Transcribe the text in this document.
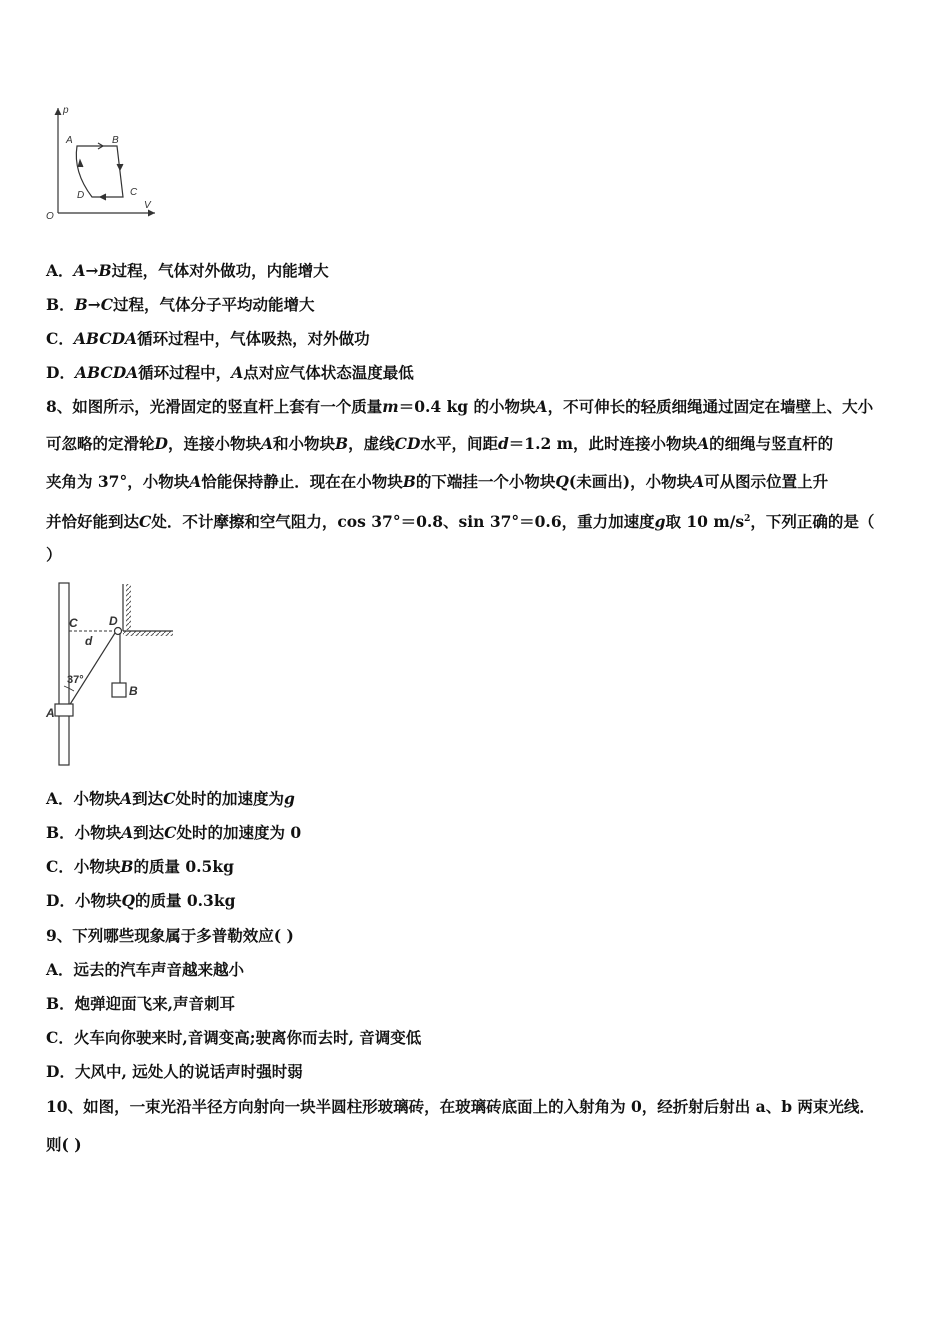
p
V
O
A	B
C
D
A．A→B过程，气体对外做功，内能增大
B．B→C过程，气体分子平均动能增大
C．ABCDA循环过程中，气体吸热，对外做功
D．ABCDA循环过程中，A点对应气体状态温度最低
8、如图所示，光滑固定的竖直杆上套有一个质量m＝0.4 kg 的小物块A，不可伸长的轻质细绳通过固定在墙壁上、大小
可忽略的定滑轮D，连接小物块A和小物块B，虚线CD水平，间距d＝1.2 m，此时连接小物块A的细绳与竖直杆的
夹角为 37°，小物块A恰能保持静止．现在在小物块B的下端挂一个小物块Q(未画出)，小物块A可从图示位置上升
并恰好能到达C处．不计摩擦和空气阻力，cos 37°＝0.8、sin 37°＝0.6，重力加速度g取 10 $m/s^2$，下列正确的是（
）
C	D
d
37°
A
B
A．小物块A到达C处时的加速度为g
B．小物块A到达C处时的加速度为 0
C．小物块B的质量 0.5kg
D．小物块Q的质量 0.3kg
9、下列哪些现象属于多普勒效应( )
A．远去的汽车声音越来越小
B．炮弹迎面飞来,声音刺耳
C．火车向你驶来时,音调变高;驶离你而去时, 音调变低
D．大风中, 远处人的说话声时强时弱
10、如图，一束光沿半径方向射向一块半圆柱形玻璃砖，在玻璃砖底面上的入射角为 0，经折射后射出 a、b 两束光线．
则( )
